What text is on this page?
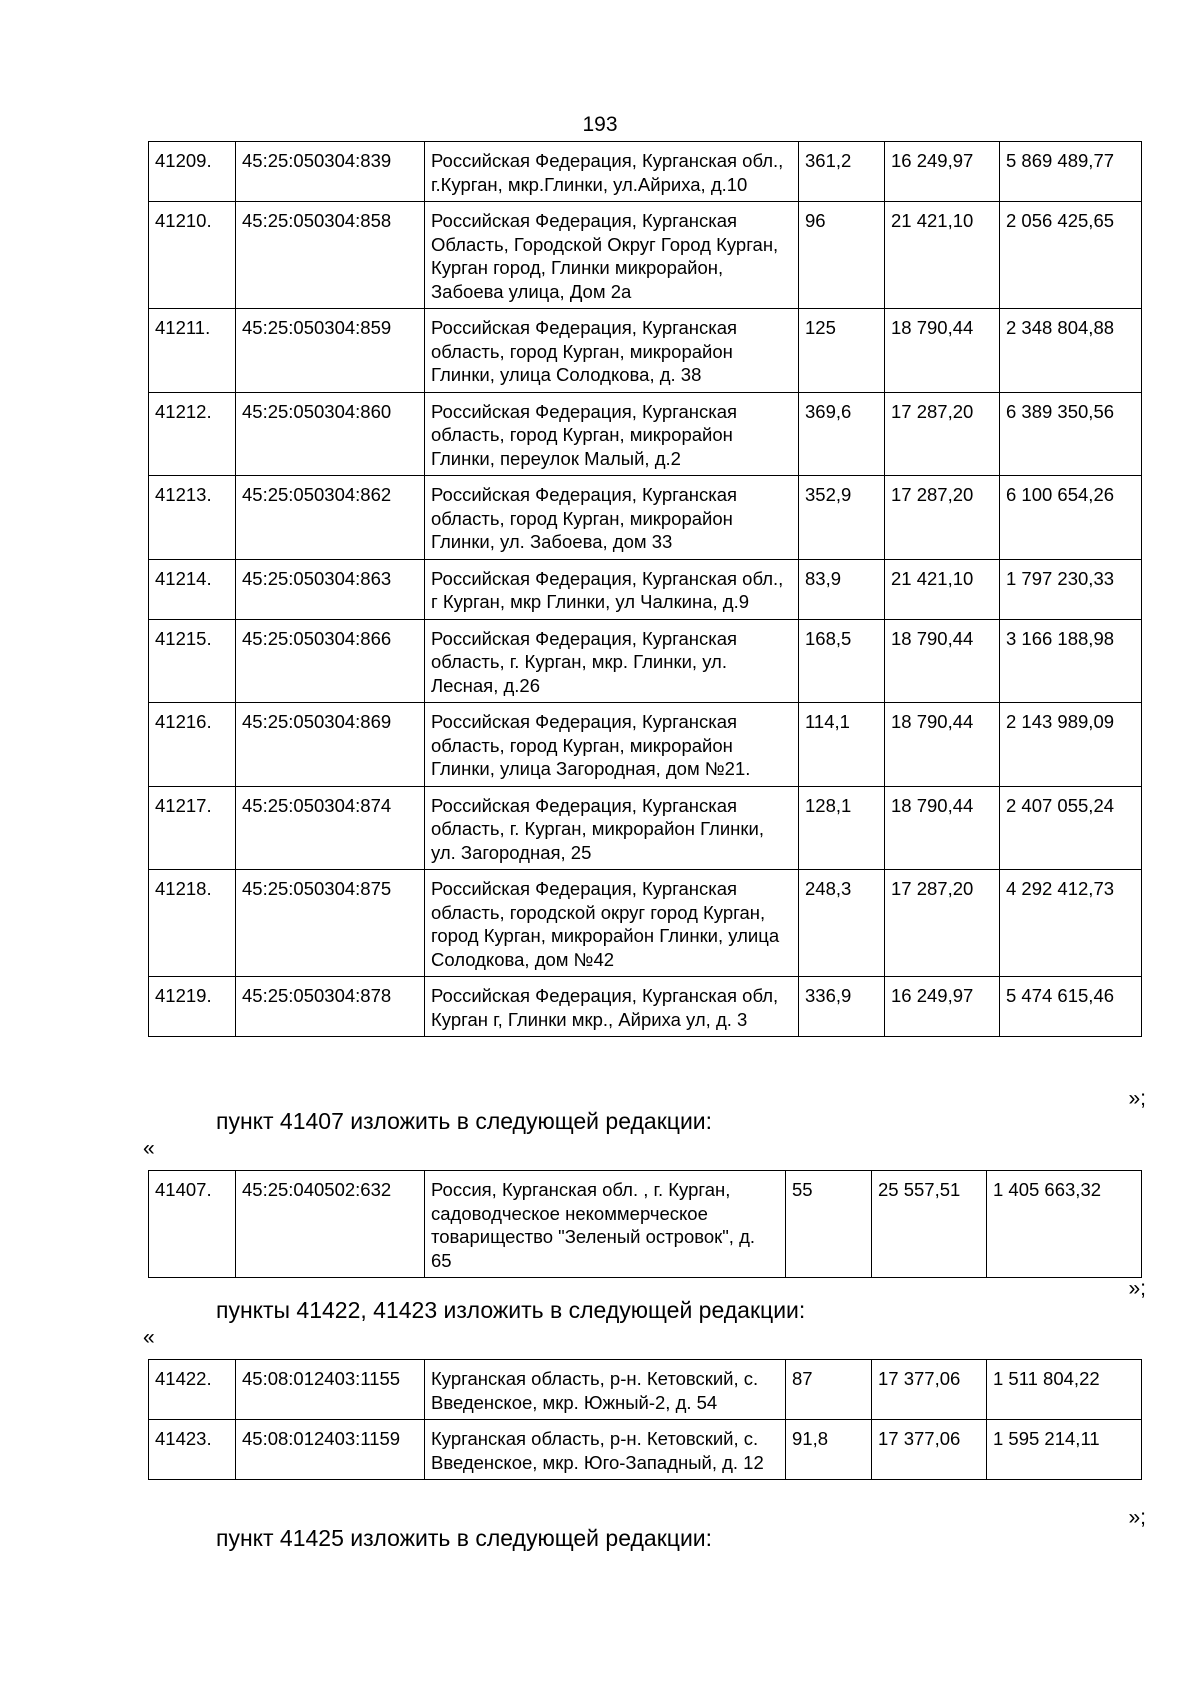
193
41209.	45:25:050304:839	Российская Федерация, Курганская обл., г.Курган, мкр.Глинки, ул.Айриха, д.10	361,2	16 249,97	5 869 489,77
41210.	45:25:050304:858	Российская Федерация, Курганская Область, Городской Округ Город Курган, Курган город, Глинки микрорайон, Забоева улица, Дом 2а	96	21 421,10	2 056 425,65
41211.	45:25:050304:859	Российская Федерация, Курганская область, город Курган, микрорайон Глинки, улица Солодкова, д. 38	125	18 790,44	2 348 804,88
41212.	45:25:050304:860	Российская Федерация, Курганская область, город Курган, микрорайон Глинки, переулок Малый, д.2	369,6	17 287,20	6 389 350,56
41213.	45:25:050304:862	Российская Федерация, Курганская область, город Курган, микрорайон Глинки, ул. Забоева, дом 33	352,9	17 287,20	6 100 654,26
41214.	45:25:050304:863	Российская Федерация, Курганская обл., г Курган, мкр Глинки, ул Чалкина, д.9	83,9	21 421,10	1 797 230,33
41215.	45:25:050304:866	Российская Федерация, Курганская область, г. Курган, мкр. Глинки, ул. Лесная, д.26	168,5	18 790,44	3 166 188,98
41216.	45:25:050304:869	Российская Федерация, Курганская область, город Курган, микрорайон Глинки, улица Загородная, дом №21.	114,1	18 790,44	2 143 989,09
41217.	45:25:050304:874	Российская Федерация, Курганская область, г. Курган, микрорайон Глинки, ул. Загородная, 25	128,1	18 790,44	2 407 055,24
41218.	45:25:050304:875	Российская Федерация, Курганская область, городской округ город Курган, город Курган, микрорайон Глинки, улица Солодкова, дом №42	248,3	17 287,20	4 292 412,73
41219.	45:25:050304:878	Российская Федерация, Курганская обл, Курган г, Глинки мкр., Айриха ул, д. 3	336,9	16 249,97	5 474 615,46
»;
пункт 41407 изложить в следующей редакции:
«
41407.	45:25:040502:632	Россия, Курганская обл. , г. Курган, садоводческое некоммерческое товарищество "Зеленый островок", д. 65	55	25 557,51	1 405 663,32
»;
пункты 41422, 41423 изложить в следующей редакции:
«
41422.	45:08:012403:1155	Курганская область, р-н. Кетовский, с. Введенское, мкр. Южный-2, д. 54	87	17 377,06	1 511 804,22
41423.	45:08:012403:1159	Курганская область, р-н. Кетовский, с. Введенское, мкр. Юго-Западный, д. 12	91,8	17 377,06	1 595 214,11
»;
пункт 41425 изложить в следующей редакции:
